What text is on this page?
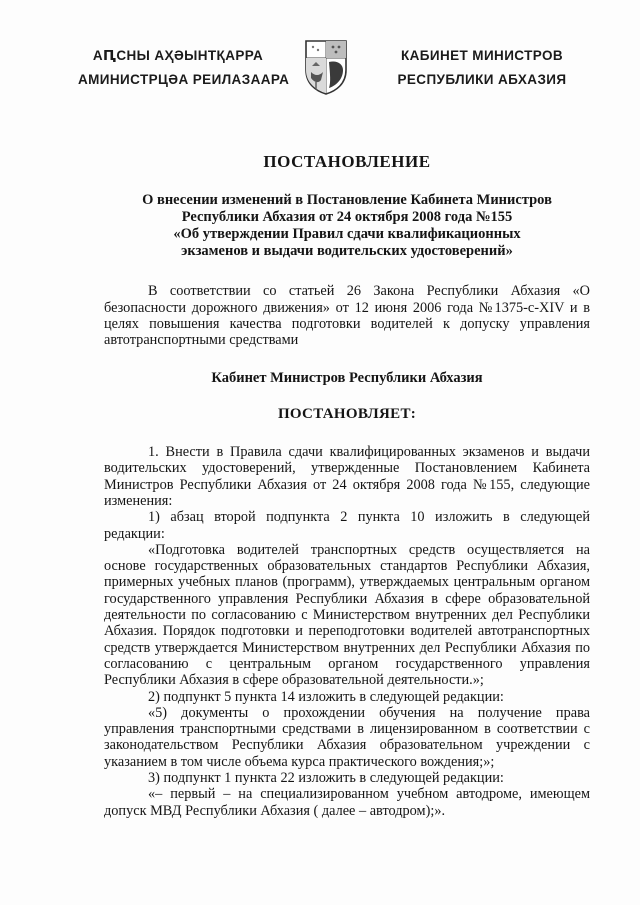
АԤСНЫ АҲӘЫНТҚАРРА
АМИНИСТРЦӘА РЕИЛАЗААРА
КАБИНЕТ МИНИСТРОВ
РЕСПУБЛИКИ АБХАЗИЯ
ПОСТАНОВЛЕНИЕ
О внесении изменений в Постановление Кабинета Министров
Республики Абхазия от 24 октября 2008 года №155
«Об утверждении Правил сдачи квалификационных
экзаменов и выдачи водительских удостоверений»

В соответствии со статьей 26 Закона Республики Абхазия «О безопасности дорожного движения» от 12 июня 2006 года №1375-с-XIV и в целях повышения качества подготовки водителей к допуску управления автотранспортными средствами

Кабинет Министров Республики Абхазия

ПОСТАНОВЛЯЕТ:

1. Внести в Правила сдачи квалифицированных экзаменов и выдачи водительских удостоверений, утвержденные Постановлением Кабинета Министров Республики Абхазия от 24 октября 2008 года №155, следующие изменения:

1) абзац второй подпункта 2 пункта 10 изложить в следующей редакции:

«Подготовка водителей транспортных средств осуществляется на основе государственных образовательных стандартов Республики Абхазия, примерных учебных планов (программ), утверждаемых центральным органом государственного управления Республики Абхазия в сфере образовательной деятельности по согласованию с Министерством внутренних дел Республики Абхазия. Порядок подготовки и переподготовки водителей автотранспортных средств утверждается Министерством внутренних дел Республики Абхазия по согласованию с центральным органом государственного управления Республики Абхазия в сфере образовательной деятельности.»;

2) подпункт 5 пункта 14 изложить в следующей редакции:

«5) документы о прохождении обучения на получение права управления транспортными средствами в лицензированном в соответствии с законодательством Республики Абхазия образовательном учреждении с указанием в том числе объема курса практического вождения;»;

3) подпункт 1 пункта 22 изложить в следующей редакции:

«– первый – на специализированном учебном автодроме, имеющем допуск МВД Республики Абхазия ( далее – автодром);».
